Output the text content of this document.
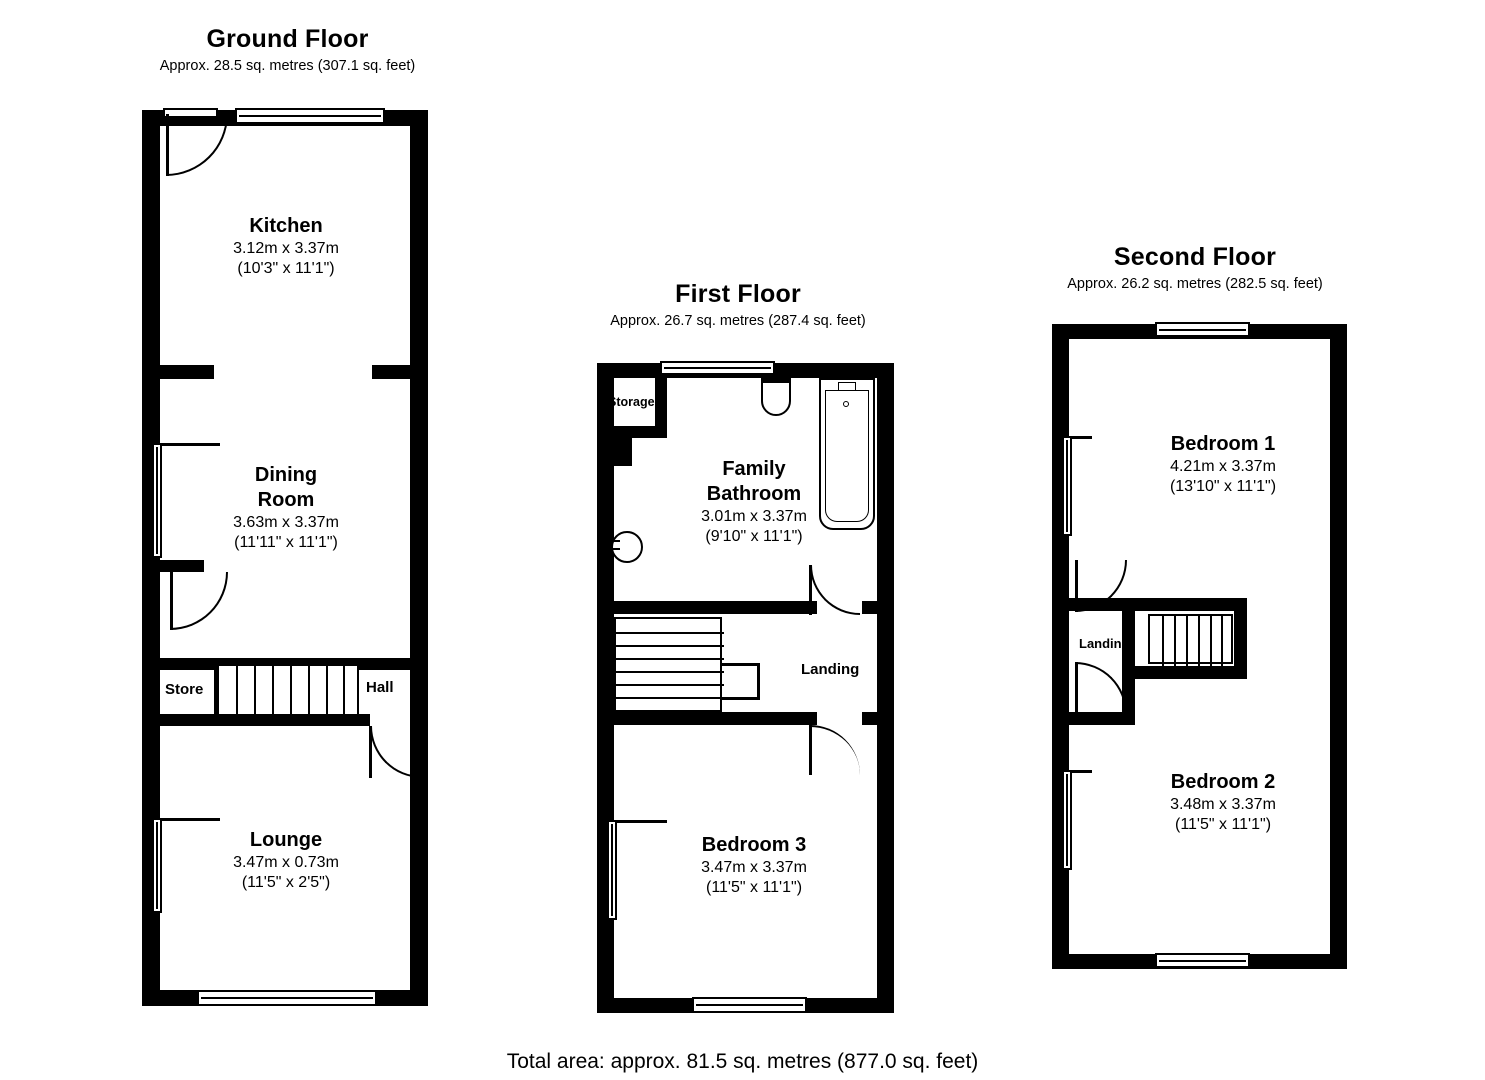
Ground Floor
Approx. 28.5 sq. metres (307.1 sq. feet)
Kitchen
3.12m x 3.37m
(10'3" x 11'1")
Dining
Room
3.63m x 3.37m
(11'11" x 11'1")
Lounge
3.47m x 0.73m
(11'5" x 2'5")
Store	Hall
First Floor
Approx. 26.7 sq. metres (287.4 sq. feet)
Storage
Family
Bathroom
3.01m x 3.37m
(9'10" x 11'1")
Bedroom 3
3.47m x 3.37m
(11'5" x 11'1")
Landing
Second Floor
Approx. 26.2 sq. metres (282.5 sq. feet)
Bedroom 1
4.21m x 3.37m
(13'10" x 11'1")
Bedroom 2
3.48m x 3.37m
(11'5" x 11'1")
Landing
Total area: approx. 81.5 sq. metres (877.0 sq. feet)
